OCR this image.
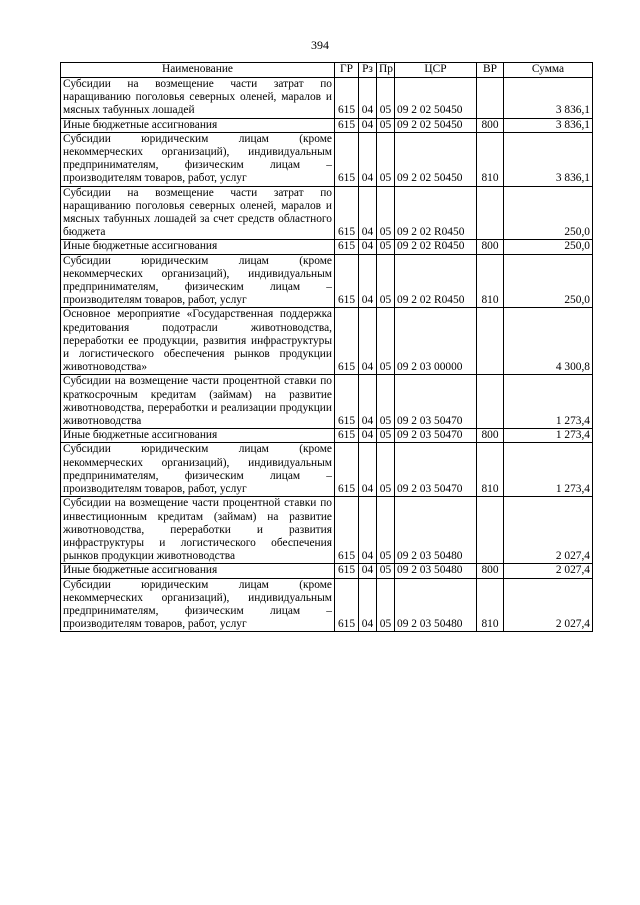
394
Наименование	ГР	Рз	Пр	ЦСР	ВР	Сумма
Субсидии на возмещение части затрат по наращиванию поголовья северных оленей, маралов и мясных табунных лошадей	615	04	05	09 2 02 50450		3 836,1
Иные бюджетные ассигнования	615	04	05	09 2 02 50450	800	3 836,1
Субсидии юридическим лицам (кроме некоммерческих организаций), индивидуальным предпринимателям, физическим лицам – производителям товаров, работ, услуг	615	04	05	09 2 02 50450	810	3 836,1
Субсидии на возмещение части затрат по наращиванию поголовья северных оленей, маралов и мясных табунных лошадей за счет средств областного бюджета	615	04	05	09 2 02 R0450		250,0
Иные бюджетные ассигнования	615	04	05	09 2 02 R0450	800	250,0
Субсидии юридическим лицам (кроме некоммерческих организаций), индивидуальным предпринимателям, физическим лицам – производителям товаров, работ, услуг	615	04	05	09 2 02 R0450	810	250,0
Основное мероприятие «Государственная поддержка кредитования подотрасли животноводства, переработки ее продукции, развития инфраструктуры и логистического обеспечения рынков продукции животноводства»	615	04	05	09 2 03 00000		4 300,8
Субсидии на возмещение части процентной ставки по краткосрочным кредитам (займам) на развитие животноводства, переработки и реализации продукции животноводства	615	04	05	09 2 03 50470		1 273,4
Иные бюджетные ассигнования	615	04	05	09 2 03 50470	800	1 273,4
Субсидии юридическим лицам (кроме некоммерческих организаций), индивидуальным предпринимателям, физическим лицам – производителям товаров, работ, услуг	615	04	05	09 2 03 50470	810	1 273,4
Субсидии на возмещение части процентной ставки по инвестиционным кредитам (займам) на развитие животноводства, переработки и развития инфраструктуры и логистического обеспечения рынков продукции животноводства	615	04	05	09 2 03 50480		2 027,4
Иные бюджетные ассигнования	615	04	05	09 2 03 50480	800	2 027,4
Субсидии юридическим лицам (кроме некоммерческих организаций), индивидуальным предпринимателям, физическим лицам – производителям товаров, работ, услуг	615	04	05	09 2 03 50480	810	2 027,4
